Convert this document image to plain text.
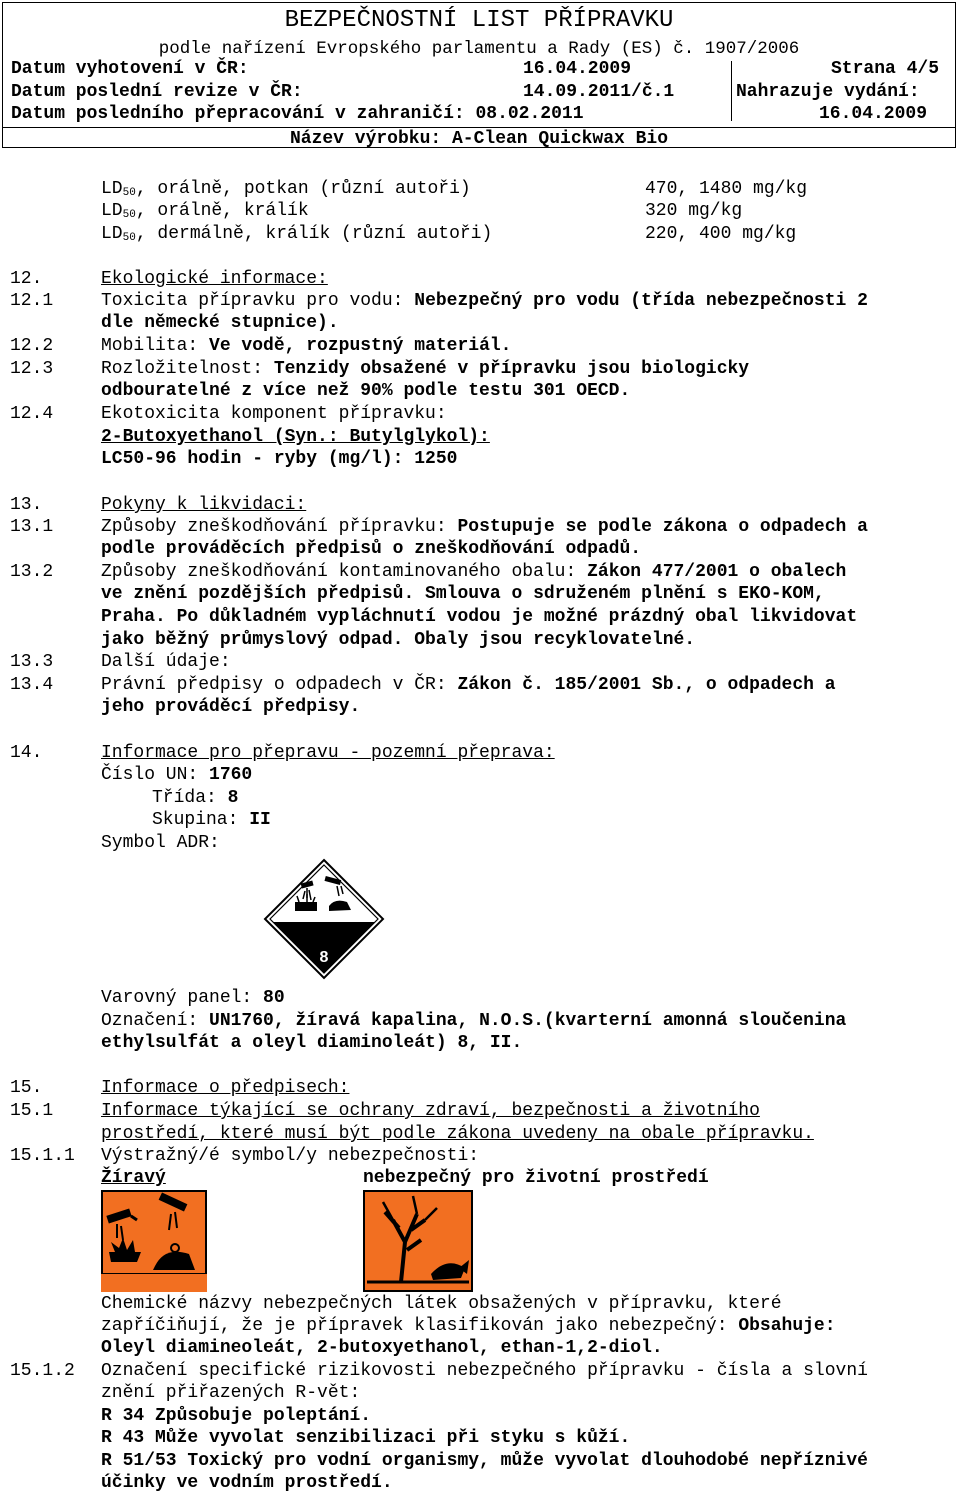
BEZPEČNOSTNÍ LIST PŘÍPRAVKU
podle nařízení Evropského parlamentu a Rady (ES) č. 1907/2006
Datum vyhotovení v ČR:	16.04.2009	Strana 4/5
Datum poslední revize v ČR:	14.09.2011/č.1	Nahrazuje vydání:
Datum posledního přepracování v zahraničí: 08.02.2011	16.04.2009
Název výrobku: A-Clean Quickwax Bio
$LD_{50}$, orálně, potkan (různí autoři)	470, 1480 mg/kg
$LD_{50}$, orálně, králík	320 mg/kg
$LD_{50}$, dermálně, králík (různí autoři)	220, 400 mg/kg
12.	Ekologické informace:
12.1	Toxicita přípravku pro vodu: Nebezpečný pro vodu (třída nebezpečnosti 2
dle německé stupnice).
12.2	Mobilita: Ve vodě, rozpustný materiál.
12.3	Rozložitelnost: Tenzidy obsažené v přípravku jsou biologicky
odbouratelné z více než 90% podle testu 301 OECD.
12.4	Ekotoxicita komponent přípravku:
2-Butoxyethanol (Syn.: Butylglykol):
LC50-96 hodin - ryby (mg/l): 1250
13.	Pokyny k likvidaci:
13.1	Způsoby zneškodňování přípravku: Postupuje se podle zákona o odpadech a
podle prováděcích předpisů o zneškodňování odpadů.
13.2	Způsoby zneškodňování kontaminovaného obalu: Zákon 477/2001 o obalech
ve znění pozdějších předpisů. Smlouva o sdruženém plnění s EKO-KOM,
Praha. Po důkladném vypláchnutí vodou je možné prázdný obal likvidovat
jako běžný průmyslový odpad. Obaly jsou recyklovatelné.
13.3	Další údaje:
13.4	Právní předpisy o odpadech v ČR: Zákon č. 185/2001 Sb., o odpadech a
jeho prováděcí předpisy.
14.	Informace pro přepravu - pozemní přeprava:
Číslo UN: 1760
Třída: 8
Skupina: II
Symbol ADR:
8
Varovný panel: 80
Označení: UN1760, žíravá kapalina, N.O.S.(kvarterní amonná sloučenina
ethylsulfát a oleyl diaminoleát) 8, II.
15.	Informace o předpisech:
15.1	Informace týkající se ochrany zdraví, bezpečnosti a životního
prostředí, které musí být podle zákona uvedeny na obale přípravku.
15.1.1 Výstražný/é symbol/y nebezpečnosti:
Žíravý	nebezpečný pro životní prostředí
Chemické názvy nebezpečných látek obsažených v přípravku, které
zapříčiňují, že je přípravek klasifikován jako nebezpečný: Obsahuje:
Oleyl diamineoleát, 2-butoxyethanol, ethan-1,2-diol.
15.1.2 Označení specifické rizikovosti nebezpečného přípravku - čísla a slovní
znění přiřazených R-vět:
R 34 Způsobuje poleptání.
R 43 Může vyvolat senzibilizaci při styku s kůží.
R 51/53 Toxický pro vodní organismy, může vyvolat dlouhodobé nepříznivé
účinky ve vodním prostředí.
